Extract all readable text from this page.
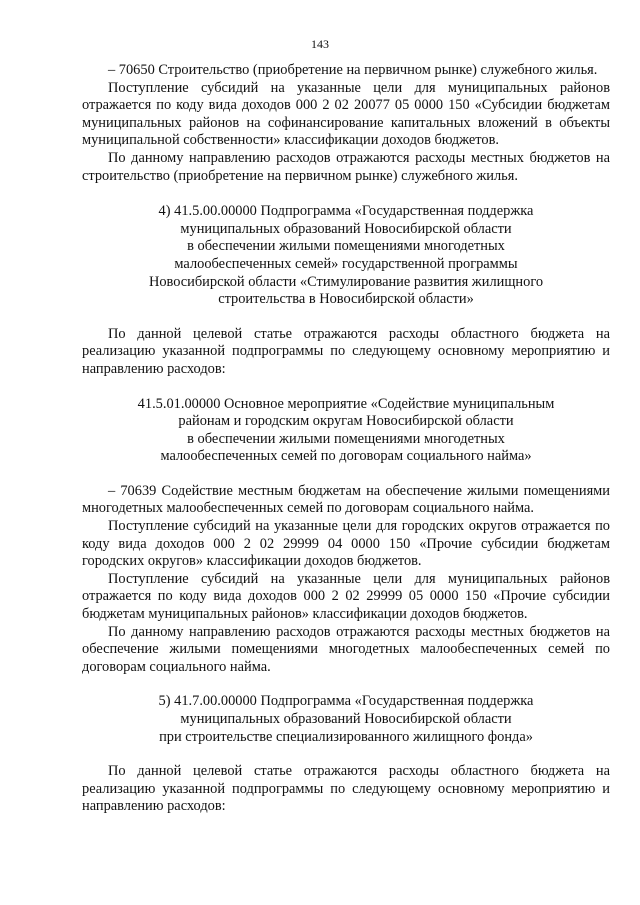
143

– 70650 Строительство (приобретение на первичном рынке) служебного жилья.

Поступление субсидий на указанные цели для муниципальных районов отражается по коду вида доходов 000 2 02 20077 05 0000 150 «Субсидии бюджетам муниципальных районов на софинансирование капитальных вложений в объекты муниципальной собственности» классификации доходов бюджетов.

По данному направлению расходов отражаются расходы местных бюджетов на строительство (приобретение на первичном рынке) служебного жилья.

4) 41.5.00.00000 Подпрограмма «Государственная поддержка
муниципальных образований Новосибирской области
в обеспечении жилыми помещениями многодетных
малообеспеченных семей» государственной программы
Новосибирской области «Стимулирование развития жилищного
строительства в Новосибирской области»

По данной целевой статье отражаются расходы областного бюджета на реализацию указанной подпрограммы по следующему основному мероприятию и направлению расходов:

41.5.01.00000 Основное мероприятие «Содействие муниципальным
районам и городским округам Новосибирской области
в обеспечении жилыми помещениями многодетных
малообеспеченных семей по договорам социального найма»

– 70639 Содействие местным бюджетам на обеспечение жилыми помещениями многодетных малообеспеченных семей по договорам социального найма.

Поступление субсидий на указанные цели для городских округов отражается по коду вида доходов 000 2 02 29999 04 0000 150 «Прочие субсидии бюджетам городских округов» классификации доходов бюджетов.

Поступление субсидий на указанные цели для муниципальных районов отражается по коду вида доходов 000 2 02 29999 05 0000 150 «Прочие субсидии бюджетам муниципальных районов» классификации доходов бюджетов.

По данному направлению расходов отражаются расходы местных бюджетов на обеспечение жилыми помещениями многодетных малообеспеченных семей по договорам социального найма.

5) 41.7.00.00000 Подпрограмма «Государственная поддержка
муниципальных образований Новосибирской области
при строительстве специализированного жилищного фонда»

По данной целевой статье отражаются расходы областного бюджета на реализацию указанной подпрограммы по следующему основному мероприятию и направлению расходов:
